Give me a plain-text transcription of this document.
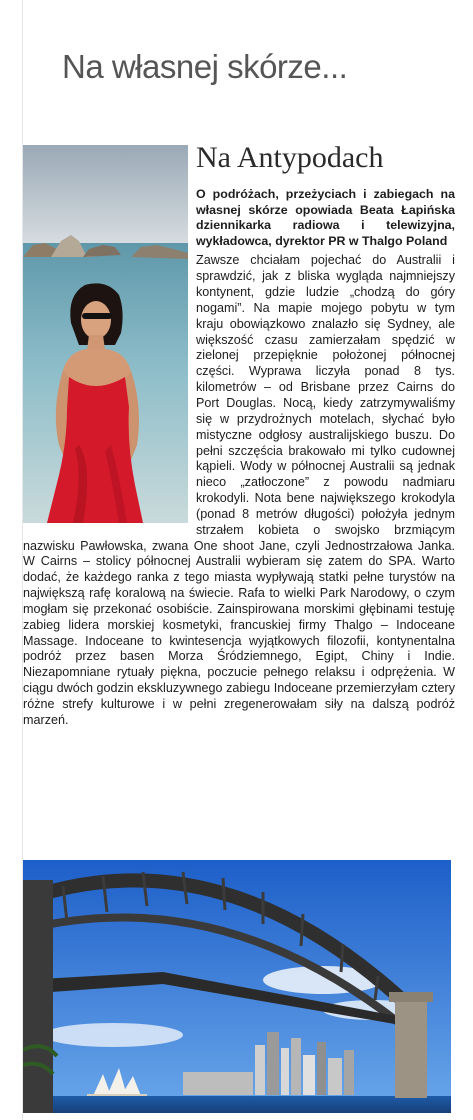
Na własnej skórze...
Na Antypodach

O podróżach, przeżyciach i zabiegach na własnej skórze opowiada Beata Łapińska dziennikarka radiowa i telewizyjna, wykładowca, dyrektor PR w Thalgo Poland

Zawsze chciałam pojechać do Australii i sprawdzić, jak z bliska wygląda najmniejszy kontynent, gdzie ludzie „chodzą do góry nogami”. Na mapie mojego pobytu w tym kraju obowiązkowo znalazło się Sydney, ale większość czasu zamierzałam spędzić w zielonej przepięknie położonej północnej części. Wyprawa liczyła ponad 8 tys. kilometrów – od Brisbane przez Cairns do Port Douglas. Nocą, kiedy zatrzymywaliśmy się w przydrożnych motelach, słychać było mistyczne odgłosy australijskiego buszu. Do pełni szczęścia brakowało mi tylko cudownej kąpieli. Wody w północnej Australii są jednak nieco „zatłoczone” z powodu nadmiaru krokodyli. Nota bene największego krokodyla (ponad 8 metrów długości) położyła jednym strzałem kobieta o swojsko brzmiącym nazwisku Pawłowska, zwana One shoot Jane, czyli Jednostrzałowa Janka. W Cairns – stolicy północnej Australii wybieram się zatem do SPA. Warto dodać, że każdego ranka z tego miasta wypływają statki pełne turystów na największą rafę koralową na świecie. Rafa to wielki Park Narodowy, o czym mogłam się przekonać osobiście. Zainspirowana morskimi głębinami testuję zabieg lidera morskiej kosmetyki, francuskiej firmy Thalgo – Indoceane Massage. Indoceane to kwintesencja wyjątkowych filozofii, kontynentalna podróż przez basen Morza Śródziemnego, Egipt, Chiny i Indie. Niezapomniane rytuały piękna, poczucie pełnego relaksu i odprężenia. W ciągu dwóch godzin ekskluzywnego zabiegu Indoceane przemierzyłam cztery różne strefy kulturowe i w pełni zregenerowałam siły na dalszą podróż marzeń.
